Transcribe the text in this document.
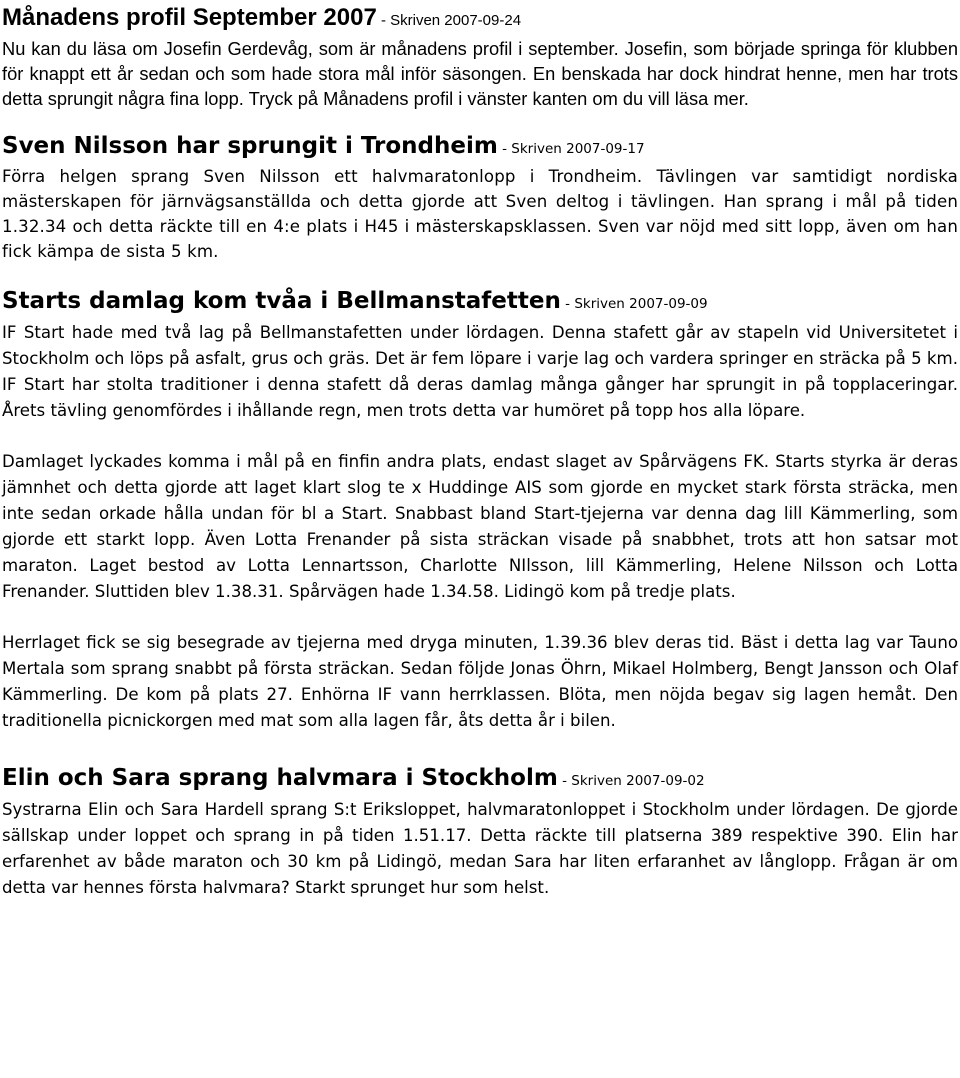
Månadens profil September 2007 - Skriven 2007-09-24

Nu kan du läsa om Josefin Gerdevåg, som är månadens profil i september. Josefin, som började springa för klubben för knappt ett år sedan och som hade stora mål inför säsongen. En benskada har dock hindrat henne, men har trots detta sprungit några fina lopp. Tryck på Månadens profil i vänster kanten om du vill läsa mer.

Sven Nilsson har sprungit i Trondheim - Skriven 2007-09-17

Förra helgen sprang Sven Nilsson ett halvmaratonlopp i Trondheim. Tävlingen var samtidigt nordiska mästerskapen för järnvägsanställda och detta gjorde att Sven deltog i tävlingen. Han sprang i mål på tiden 1.32.34 och detta räckte till en 4:e plats i H45 i mästerskapsklassen. Sven var nöjd med sitt lopp, även om han fick kämpa de sista 5 km.

Starts damlag kom tvåa i Bellmanstafetten - Skriven 2007-09-09

IF Start hade med två lag på Bellmanstafetten under lördagen. Denna stafett går av stapeln vid Universitetet i Stockholm och löps på asfalt, grus och gräs. Det är fem löpare i varje lag och vardera springer en sträcka på 5 km. IF Start har stolta traditioner i denna stafett då deras damlag många gånger har sprungit in på topplaceringar. Årets tävling genomfördes i ihållande regn, men trots detta var humöret på topp hos alla löpare.

Damlaget lyckades komma i mål på en finfin andra plats, endast slaget av Spårvägens FK. Starts styrka är deras jämnhet och detta gjorde att laget klart slog te x Huddinge AIS som gjorde en mycket stark första sträcka, men inte sedan orkade hålla undan för bl a Start. Snabbast bland Start-tjejerna var denna dag lill Kämmerling, som gjorde ett starkt lopp. Även Lotta Frenander på sista sträckan visade på snabbhet, trots att hon satsar mot maraton. Laget bestod av Lotta Lennartsson, Charlotte NIlsson, lill Kämmerling, Helene Nilsson och Lotta Frenander. Sluttiden blev 1.38.31. Spårvägen hade 1.34.58. Lidingö kom på tredje plats.

Herrlaget fick se sig besegrade av tjejerna med dryga minuten, 1.39.36 blev deras tid. Bäst i detta lag var Tauno Mertala som sprang snabbt på första sträckan. Sedan följde Jonas Öhrn, Mikael Holmberg, Bengt Jansson och Olaf Kämmerling. De kom på plats 27. Enhörna IF vann herrklassen. Blöta, men nöjda begav sig lagen hemåt. Den traditionella picnickorgen med mat som alla lagen får, åts detta år i bilen.

Elin och Sara sprang halvmara i Stockholm - Skriven 2007-09-02

Systrarna Elin och Sara Hardell sprang S:t Eriksloppet, halvmaratonloppet i Stockholm under lördagen. De gjorde sällskap under loppet och sprang in på tiden 1.51.17. Detta räckte till platserna 389 respektive 390. Elin har erfarenhet av både maraton och 30 km på Lidingö, medan Sara har liten erfaranhet av långlopp. Frågan är om detta var hennes första halvmara? Starkt sprunget hur som helst.
